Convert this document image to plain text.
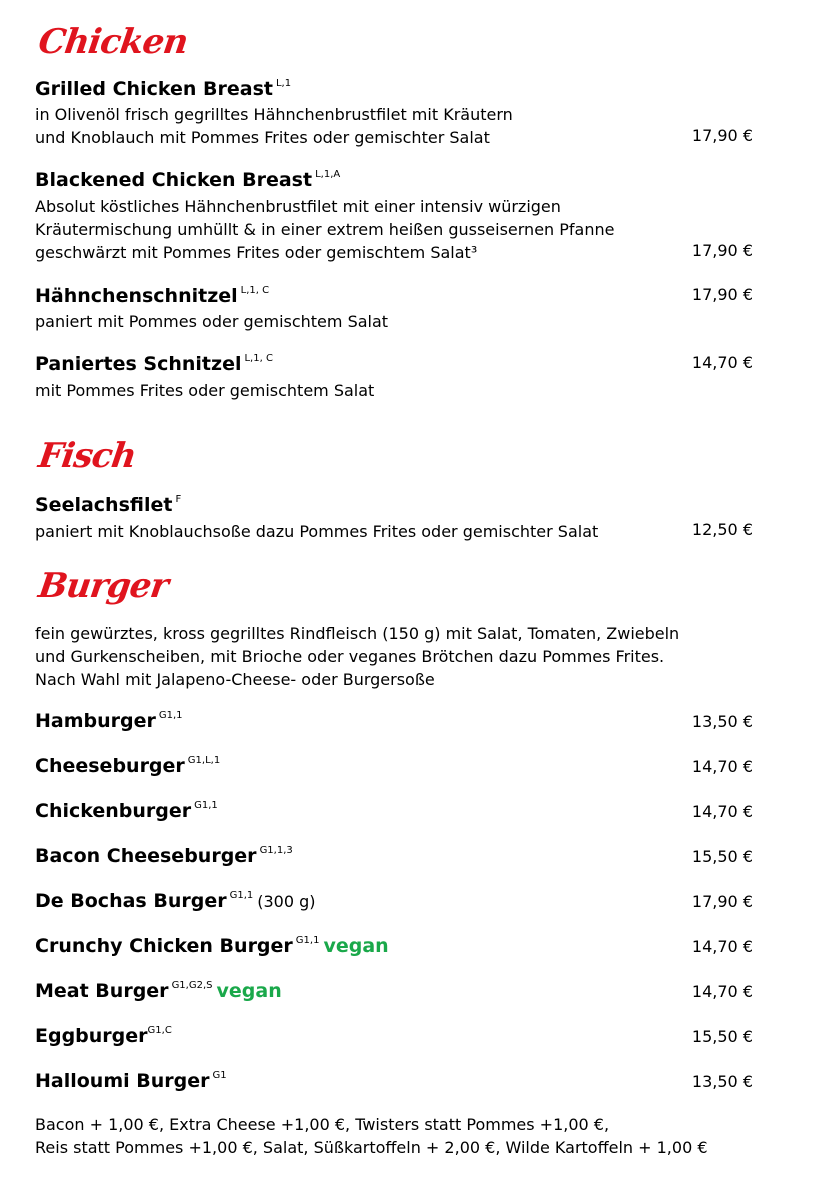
Chicken
Grilled Chicken Breast $^{L,1}$
in Olivenöl frisch gegrilltes Hähnchenbrustfilet mit Kräutern
und Knoblauch mit Pommes Frites oder gemischter Salat	17,90 €
Blackened Chicken Breast $^{L,1,A}$
Absolut köstliches Hähnchenbrustfilet mit einer intensiv würzigen
Kräutermischung umhüllt & in einer extrem heißen gusseisernen Pfanne
geschwärzt mit Pommes Frites oder gemischtem Salat³	17,90 €
Hähnchenschnitzel $^{L,1, C}$	17,90 €
paniert mit Pommes oder gemischtem Salat
Paniertes Schnitzel $^{L,1, C}$	14,70 €
mit Pommes Frites oder gemischtem Salat
Fisch
Seelachsfilet $^F$
paniert mit Knoblauchsoße dazu Pommes Frites oder gemischter Salat	12,50 €
Burger
fein gewürztes, kross gegrilltes Rindfleisch (150 g) mit Salat, Tomaten, Zwiebeln
und Gurkenscheiben, mit Brioche oder veganes Brötchen dazu Pommes Frites.
Nach Wahl mit Jalapeno-Cheese- oder Burgersoße
Hamburger $^{G1,1}$	13,50 €
Cheeseburger $^{G1,L,1}$	14,70 €
Chickenburger $^{G1,1}$	14,70 €
Bacon Cheeseburger $^{G1,1,3}$	15,50 €
De Bochas Burger $^{G1,1}$ (300 g)	17,90 €
Crunchy Chicken Burger $^{G1,1}$ vegan	14,70 €
Meat Burger $^{G1,G2,S}$ vegan	14,70 €
Eggburger$^{G1,C}$	15,50 €
Halloumi Burger $^{G1}$	13,50 €
Bacon + 1,00 €, Extra Cheese +1,00 €, Twisters statt Pommes +1,00 €,
Reis statt Pommes +1,00 €, Salat, Süßkartoffeln + 2,00 €, Wilde Kartoffeln + 1,00 €
